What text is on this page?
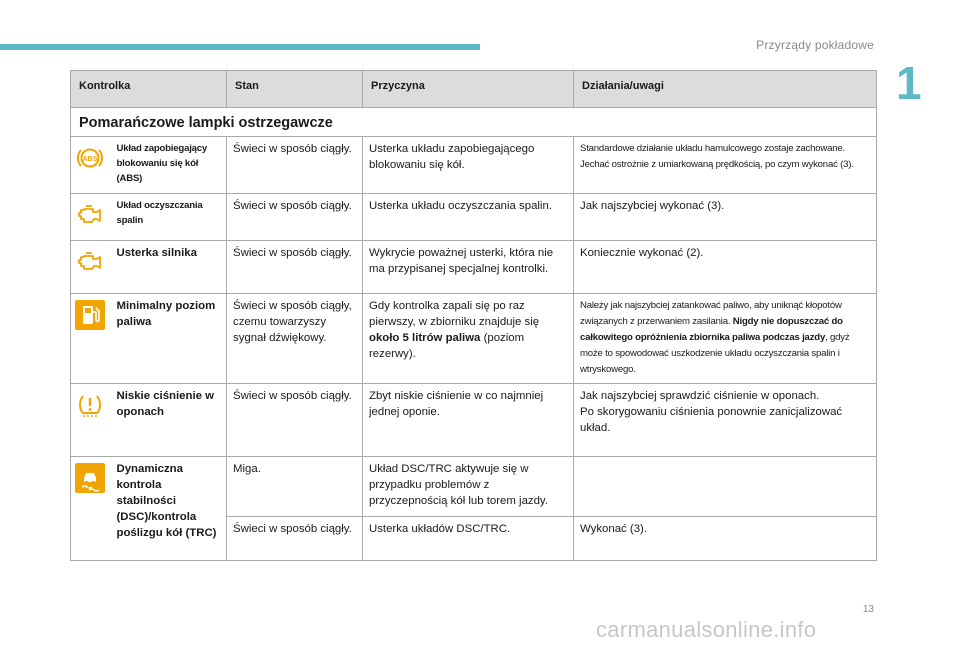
Przyrządy pokładowe
1
Kontrolka		Stan	Przyczyna	Działania/uwagi
Pomarańczowe lampki ostrzegawcze				

ABS	Układ zapobiegający blokowaniu się kół (ABS)	Świeci w sposób ciągły.	Usterka układu zapobiegającego blokowaniu się kół.	Standardowe działanie układu hamulcowego zostaje zachowane. Jechać ostrożnie z umiarkowaną prędkością, po czym wykonać (3).

	Układ oczyszczania spalin	Świeci w sposób ciągły.	Usterka układu oczyszczania spalin.	Jak najszybciej wykonać (3).

	Usterka silnika	Świeci w sposób ciągły.	Wykrycie poważnej usterki, która nie ma przypisanej specjalnej kontrolki.	Koniecznie wykonać (2).

	Minimalny poziom paliwa	Świeci w sposób ciągły, czemu towarzyszy sygnał dźwiękowy.	Gdy kontrolka zapali się po raz pierwszy, w zbiorniku znajduje się około 5 litrów paliwa (poziom rezerwy).	Należy jak najszybciej zatankować paliwo, aby uniknąć kłopotów związanych z przerwaniem zasilania. Nigdy nie dopuszczać do całkowitego opróżnienia zbiornika paliwa podczas jazdy, gdyż może to spowodować uszkodzenie układu oczyszczania spalin i wtryskowego.

	Niskie ciśnienie w oponach	Świeci w sposób ciągły.	Zbyt niskie ciśnienie w co najmniej jednej oponie.	Jak najszybciej sprawdzić ciśnienie w oponach.
Po skorygowaniu ciśnienia ponownie zanicjalizować układ.

	Dynamiczna kontrola stabilności (DSC)/kontrola poślizgu kół (TRC)	Miga.	Układ DSC/TRC aktywuje się w przypadku problemów z przyczepnością kół lub torem jazdy.	
		Świeci w sposób ciągły.	Usterka układów DSC/TRC.	Wykonać (3).
13
carmanualsonline.info
